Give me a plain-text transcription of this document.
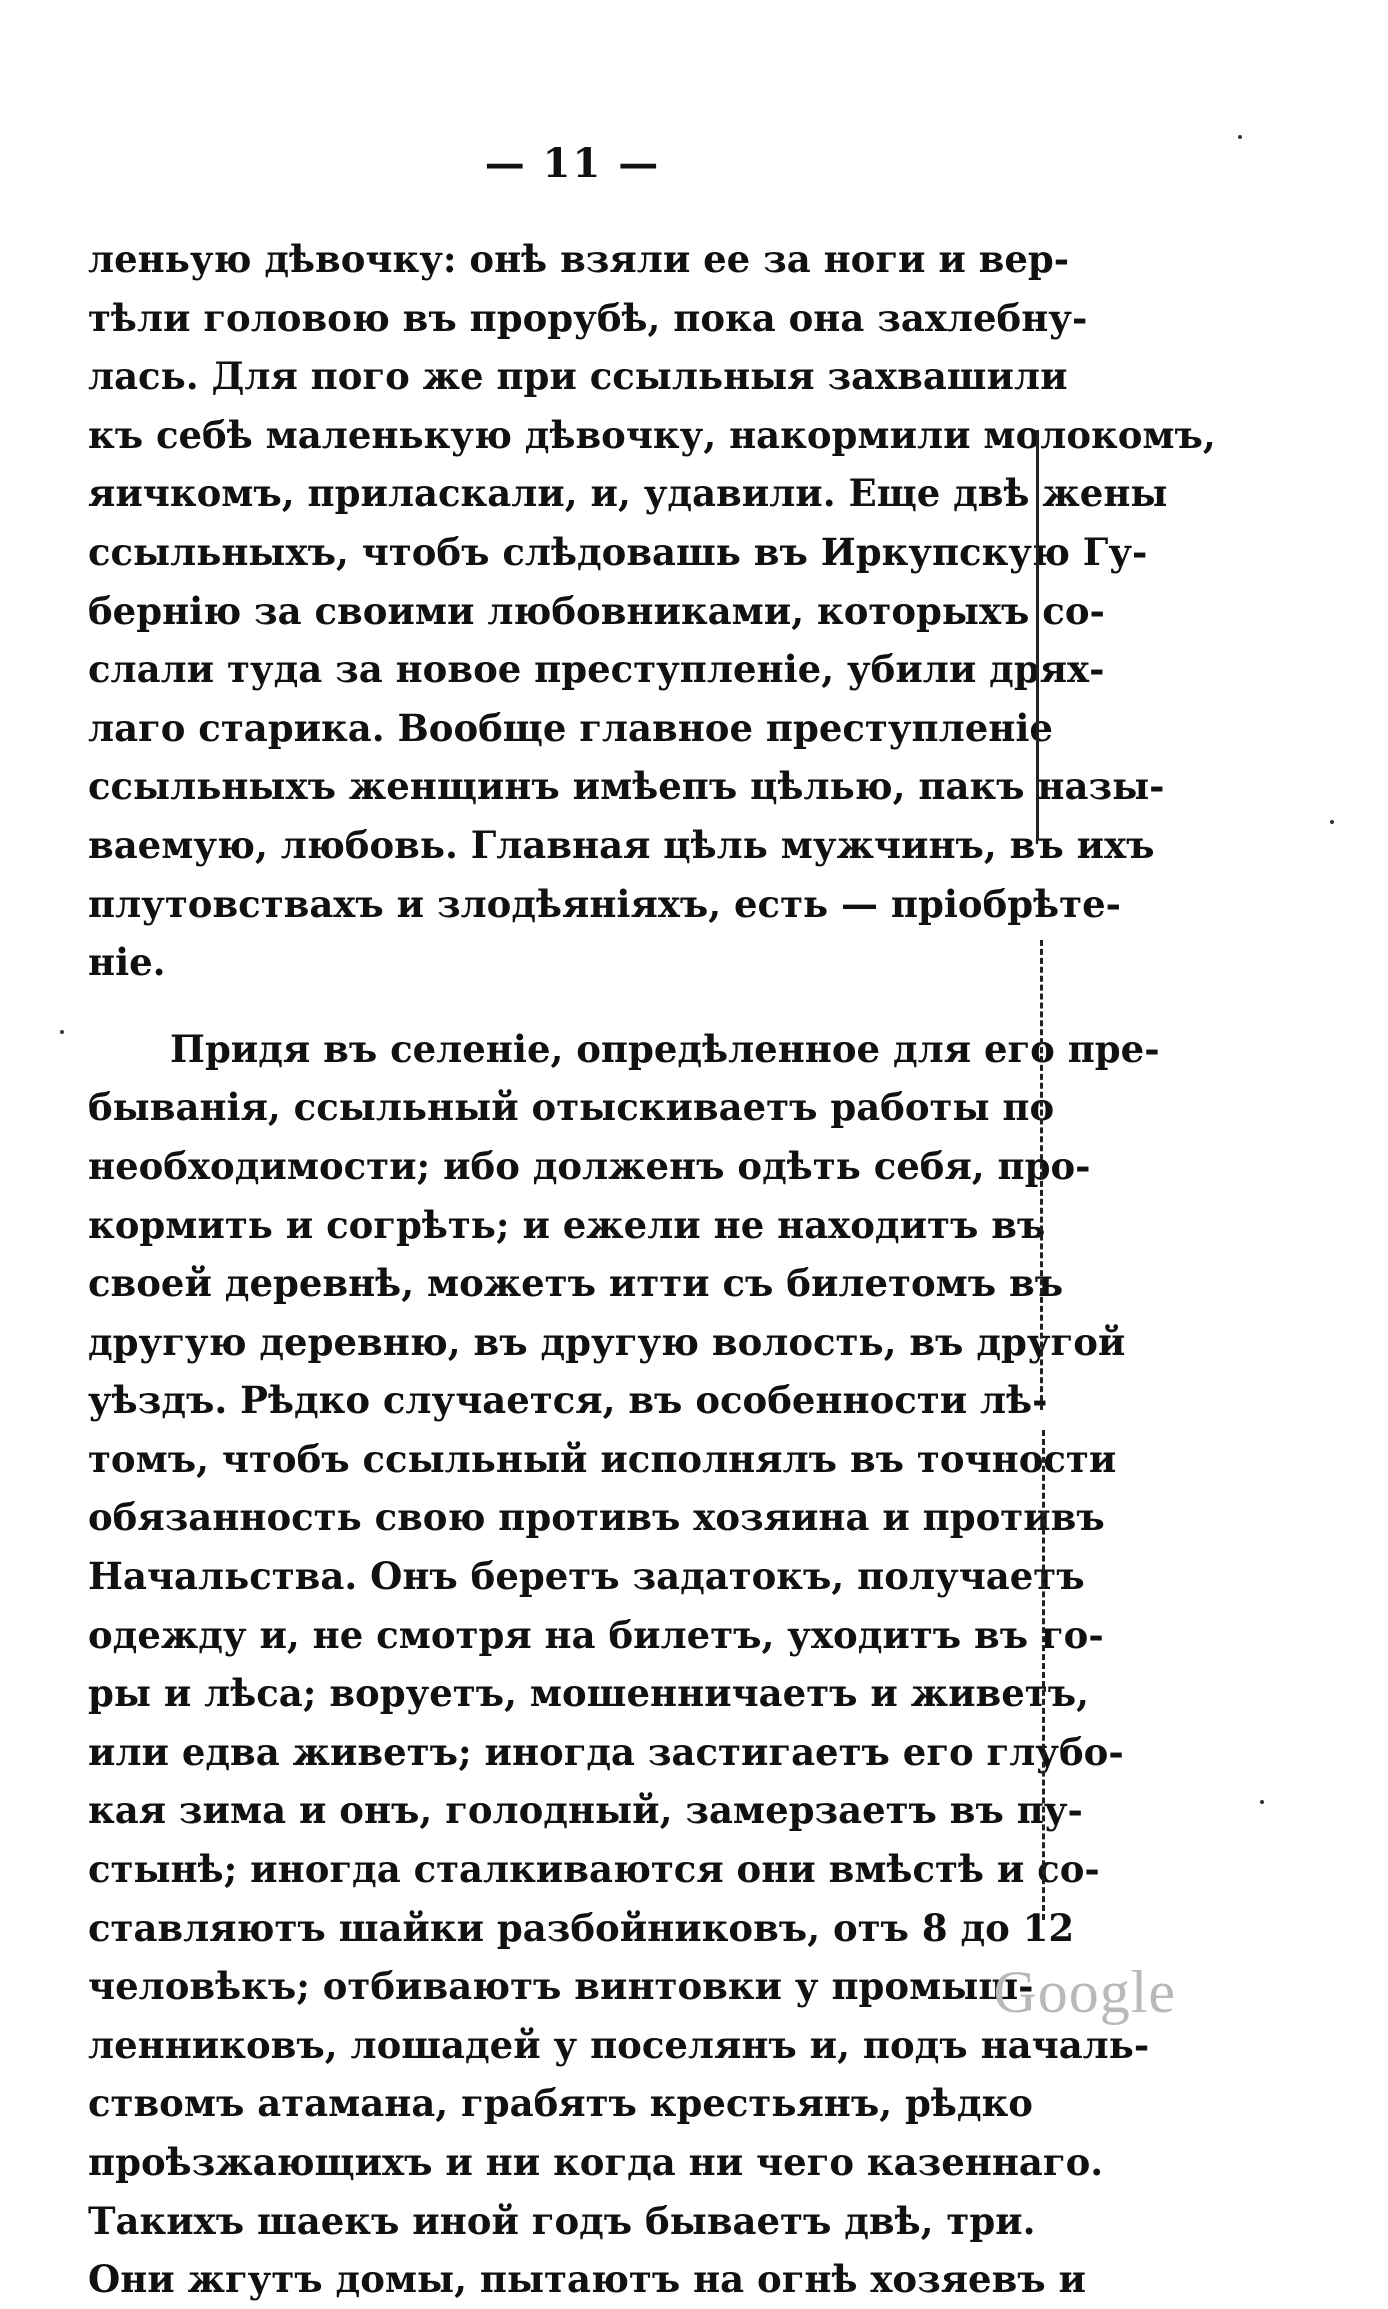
— 11 —
леньую дѣвочку: онѣ взяли ее за ноги и вер-
тѣли головою въ прорубѣ, пока она захлебну-
лась. Для пого же при ссыльныя захвашили
къ себѣ маленькую дѣвочку, накормили молокомъ,
яичкомъ, приласкали, и, удавили. Еще двѣ жены
ссыльныхъ, чтобъ слѣдовашь въ Иркупскую Гу-
бернію за своими любовниками, которыхъ со-
слали туда за новое преступленіе, убили дрях-
лаго старика. Вообще главное преступленіе
ссыльныхъ женщинъ имѣепъ цѣлью, пакъ назы-
ваемую, любовь. Главная цѣль мужчинъ, въ ихъ
плутовствахъ и злодѣяніяхъ, есть — пріобрѣте-
ніе.
Придя въ селеніе, опредѣленное для его пре-
быванія, ссыльный отыскиваетъ работы по
необходимости; ибо долженъ одѣть себя, про-
кормить и согрѣть; и ежели не находитъ въ
своей деревнѣ, можетъ итти съ билетомъ въ
другую деревню, въ другую волость, въ другой
уѣздъ. Рѣдко случается, въ особенности лѣ-
томъ, чтобъ ссыльный исполнялъ въ точности
обязанность свою противъ хозяина и противъ
Начальства. Онъ беретъ задатокъ, получаетъ
одежду и, не смотря на билетъ, уходитъ въ го-
ры и лѣса; воруетъ, мошенничаетъ и живетъ,
или едва живетъ; иногда застигаетъ его глубо-
кая зима и онъ, голодный, замерзаетъ въ пу-
стынѣ; иногда сталкиваются они вмѣстѣ и со-
ставляютъ шайки разбойниковъ, отъ 8 до 12
человѣкъ; отбиваютъ винтовки у промыш-
ленниковъ, лошадей у поселянъ и, подъ началь-
ствомъ атамана, грабятъ крестьянъ, рѣдко
проѣзжающихъ и ни когда ни чего казеннаго.
Такихъ шаекъ иной годъ бываетъ двѣ, три.
Они жгутъ домы, пытаютъ на огнѣ хозяевъ и
Google
